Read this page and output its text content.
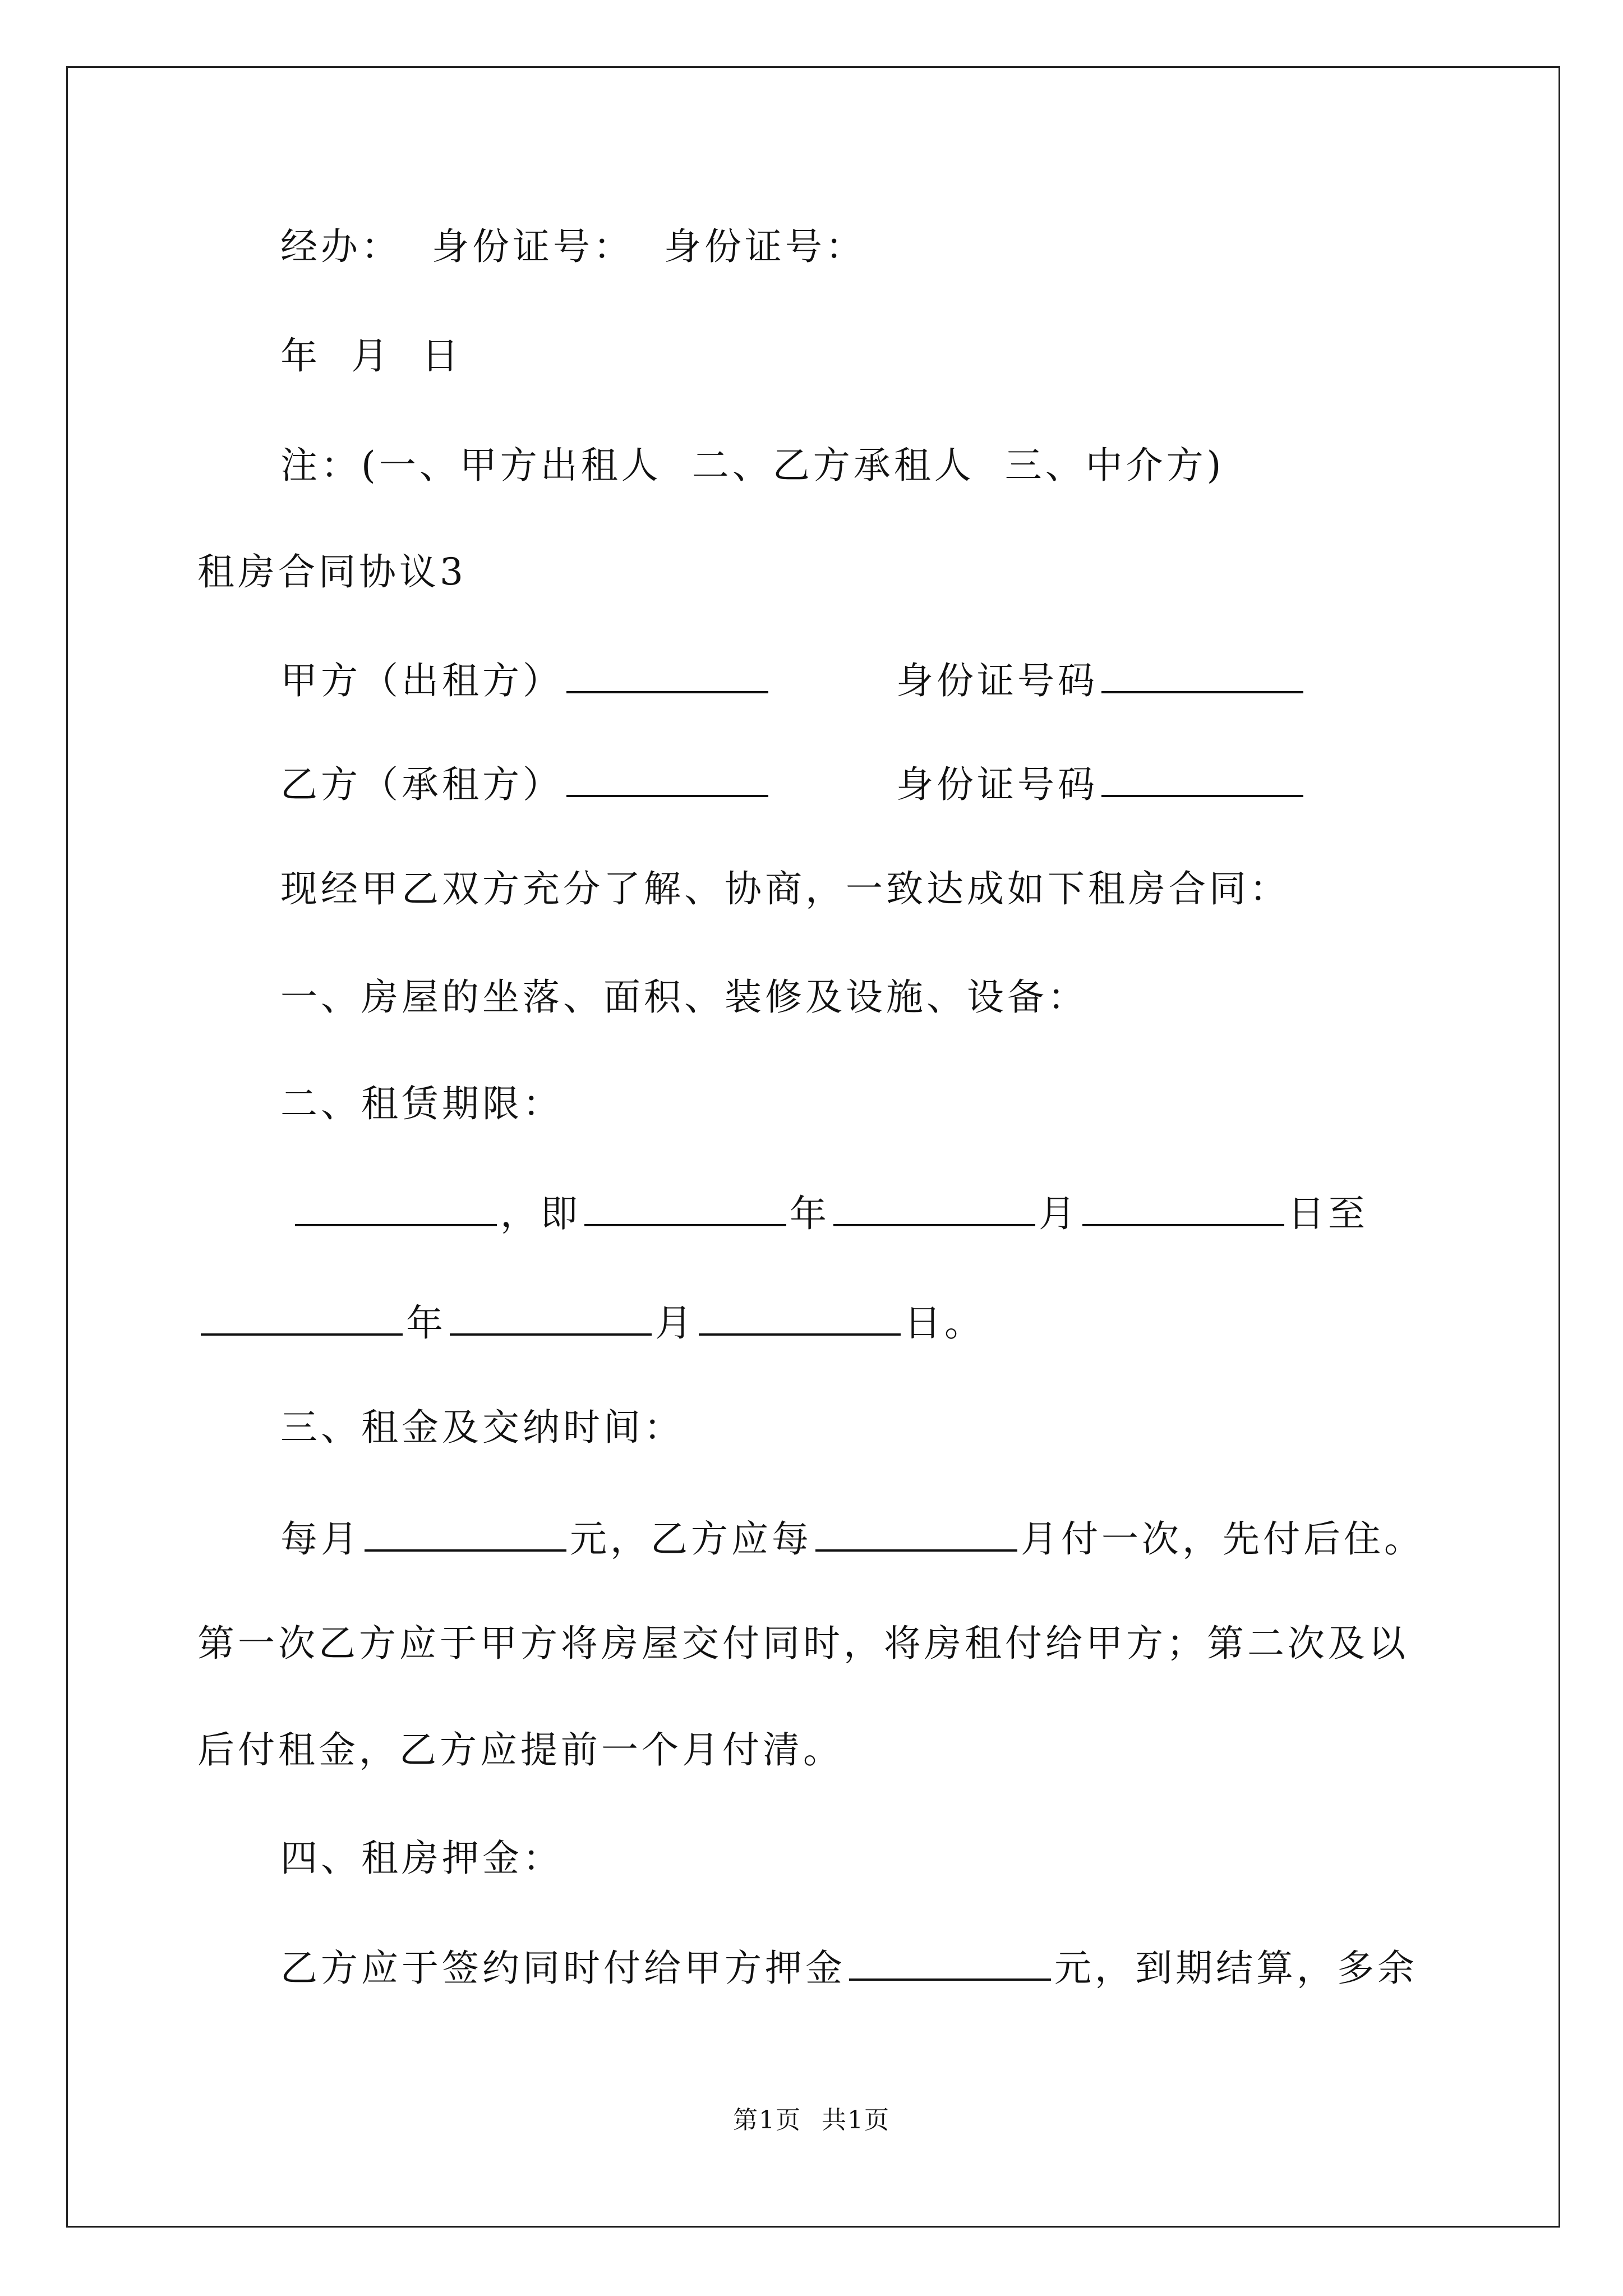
经办：  身份证号：  身份证号：
年  月  日
注：(一、甲方出租人  二、乙方承租人  三、中介方)
租房合同协议3
甲方（出租方）	身份证号码
乙方（承租方）	身份证号码
现经甲乙双方充分了解、协商，一致达成如下租房合同：
一、房屋的坐落、面积、装修及设施、设备：
二、租赁期限：
，即	年	月	日至
年	月	日。
三、租金及交纳时间：
每月	元，乙方应每	月付一次，先付后住。
第一次乙方应于甲方将房屋交付同时，将房租付给甲方；第二次及以
后付租金，乙方应提前一个月付清。
四、租房押金：
乙方应于签约同时付给甲方押金	元，到期结算，多余
第1页 共1页
